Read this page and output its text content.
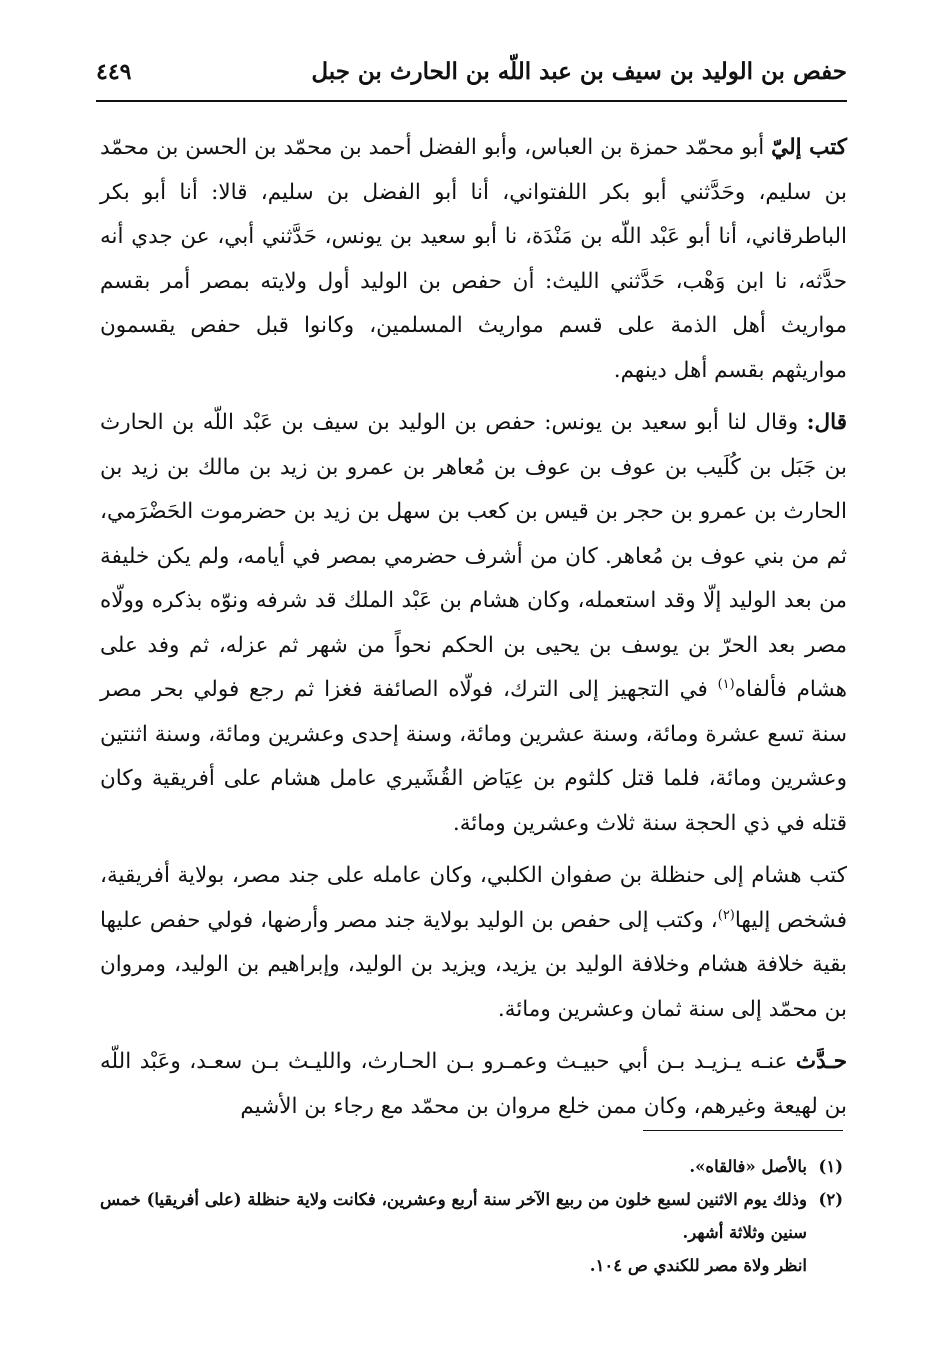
حفص بن الوليد بن سيف بن عبد اللّه بن الحارث بن جبل
٤٤٩

كتب إليّ أبو محمّد حمزة بن العباس، وأبو الفضل أحمد بن محمّد بن الحسن بن محمّد بن سليم، وحَدَّثني أبو بكر اللفتواني، أنا أبو الفضل بن سليم، قالا: أنا أبو بكر الباطرقاني، أنا أبو عَبْد اللّه بن مَنْدَة، نا أبو سعيد بن يونس، حَدَّثني أبي، عن جدي أنه حدَّثه، نا ابن وَهْب، حَدَّثني الليث: أن حفص بن الوليد أول ولايته بمصر أمر بقسم مواريث أهل الذمة على قسم مواريث المسلمين، وكانوا قبل حفص يقسمون مواريثهم بقسم أهل دينهم.

قال: وقال لنا أبو سعيد بن يونس: حفص بن الوليد بن سيف بن عَبْد اللّه بن الحارث بن جَبَل بن كُلَيب بن عوف بن عوف بن مُعاهر بن عمرو بن زيد بن مالك بن زيد بن الحارث بن عمرو بن حجر بن قيس بن كعب بن سهل بن زيد بن حضرموت الحَضْرَمي، ثم من بني عوف بن مُعاهر. كان من أشرف حضرمي بمصر في أيامه، ولم يكن خليفة من بعد الوليد إلّا وقد استعمله، وكان هشام بن عَبْد الملك قد شرفه ونوّه بذكره وولّاه مصر بعد الحرّ بن يوسف بن يحيى بن الحكم نحواً من شهر ثم عزله، ثم وفد على هشام فألفاه$^{(١)}$ في التجهيز إلى الترك، فولّاه الصائفة فغزا ثم رجع فولي بحر مصر سنة تسع عشرة ومائة، وسنة عشرين ومائة، وسنة إحدى وعشرين ومائة، وسنة اثنتين وعشرين ومائة، فلما قتل كلثوم بن عِيَاض القُشَيري عامل هشام على أفريقية وكان قتله في ذي الحجة سنة ثلاث وعشرين ومائة.

كتب هشام إلى حنظلة بن صفوان الكلبي، وكان عامله على جند مصر، بولاية أفريقية، فشخص إليها$^{(٢)}$، وكتب إلى حفص بن الوليد بولاية جند مصر وأرضها، فولي حفص عليها بقية خلافة هشام وخلافة الوليد بن يزيد، ويزيد بن الوليد، وإبراهيم بن الوليد، ومروان بن محمّد إلى سنة ثمان وعشرين ومائة.

حـدَّث عنـه يـزيـد بـن أبي حبيـث وعمـرو بـن الحـارث، والليـث بـن سعـد، وعَبْد اللّه بن لهيعة وغيرهم، وكان ممن خلع مروان بن محمّد مع رجاء بن الأشيم

(١)
بالأصل «فالقاه».
(٢)
وذلك يوم الاثنين لسبع خلون من ربيع الآخر سنة أربع وعشرين، فكانت ولاية حنظلة (على أفريقيا) خمس سنين وثلاثة أشهر.
انظر ولاة مصر للكندي ص ١٠٤.
